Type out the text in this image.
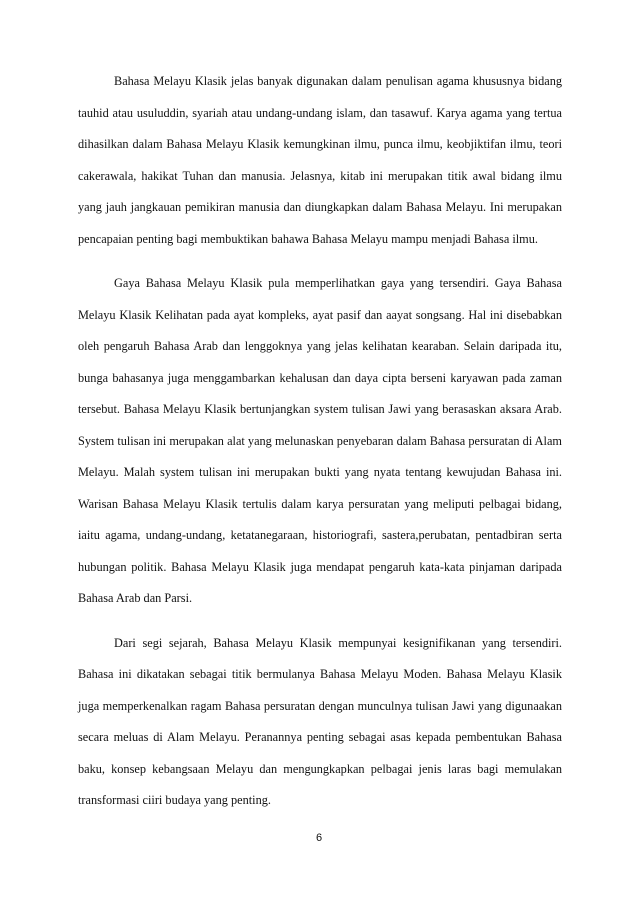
Bahasa Melayu Klasik jelas banyak digunakan dalam penulisan agama khususnya bidang tauhid atau usuluddin, syariah atau undang-undang islam, dan tasawuf. Karya agama yang tertua dihasilkan dalam Bahasa Melayu Klasik kemungkinan ilmu, punca ilmu, keobjiktifan ilmu, teori cakerawala, hakikat Tuhan dan manusia. Jelasnya, kitab ini merupakan titik awal bidang ilmu yang jauh jangkauan pemikiran manusia dan diungkapkan dalam Bahasa Melayu. Ini merupakan pencapaian penting bagi membuktikan bahawa Bahasa Melayu mampu menjadi Bahasa ilmu.

Gaya Bahasa Melayu Klasik pula memperlihatkan gaya yang tersendiri. Gaya Bahasa Melayu Klasik Kelihatan pada ayat kompleks, ayat pasif dan aayat songsang. Hal ini disebabkan oleh pengaruh Bahasa Arab dan lenggoknya yang jelas kelihatan kearaban. Selain daripada itu, bunga bahasanya juga menggambarkan kehalusan dan daya cipta berseni karyawan pada zaman tersebut. Bahasa Melayu Klasik bertunjangkan system tulisan Jawi yang berasaskan aksara Arab. System tulisan ini merupakan alat yang melunaskan penyebaran dalam Bahasa persuratan di Alam Melayu. Malah system tulisan ini merupakan bukti yang nyata tentang kewujudan Bahasa ini. Warisan Bahasa Melayu Klasik tertulis dalam karya persuratan yang meliputi pelbagai bidang, iaitu agama, undang-undang, ketatanegaraan, historiografi, sastera,perubatan, pentadbiran serta hubungan politik. Bahasa Melayu Klasik juga mendapat pengaruh kata-kata pinjaman daripada Bahasa Arab dan Parsi.

Dari segi sejarah, Bahasa Melayu Klasik mempunyai kesignifikanan yang tersendiri. Bahasa ini dikatakan sebagai titik bermulanya Bahasa Melayu Moden. Bahasa Melayu Klasik juga memperkenalkan ragam Bahasa persuratan dengan munculnya tulisan Jawi yang digunaakan secara meluas di Alam Melayu. Peranannya penting sebagai asas kepada pembentukan Bahasa baku, konsep kebangsaan Melayu dan mengungkapkan pelbagai jenis laras bagi memulakan transformasi ciiri budaya yang penting.

6
